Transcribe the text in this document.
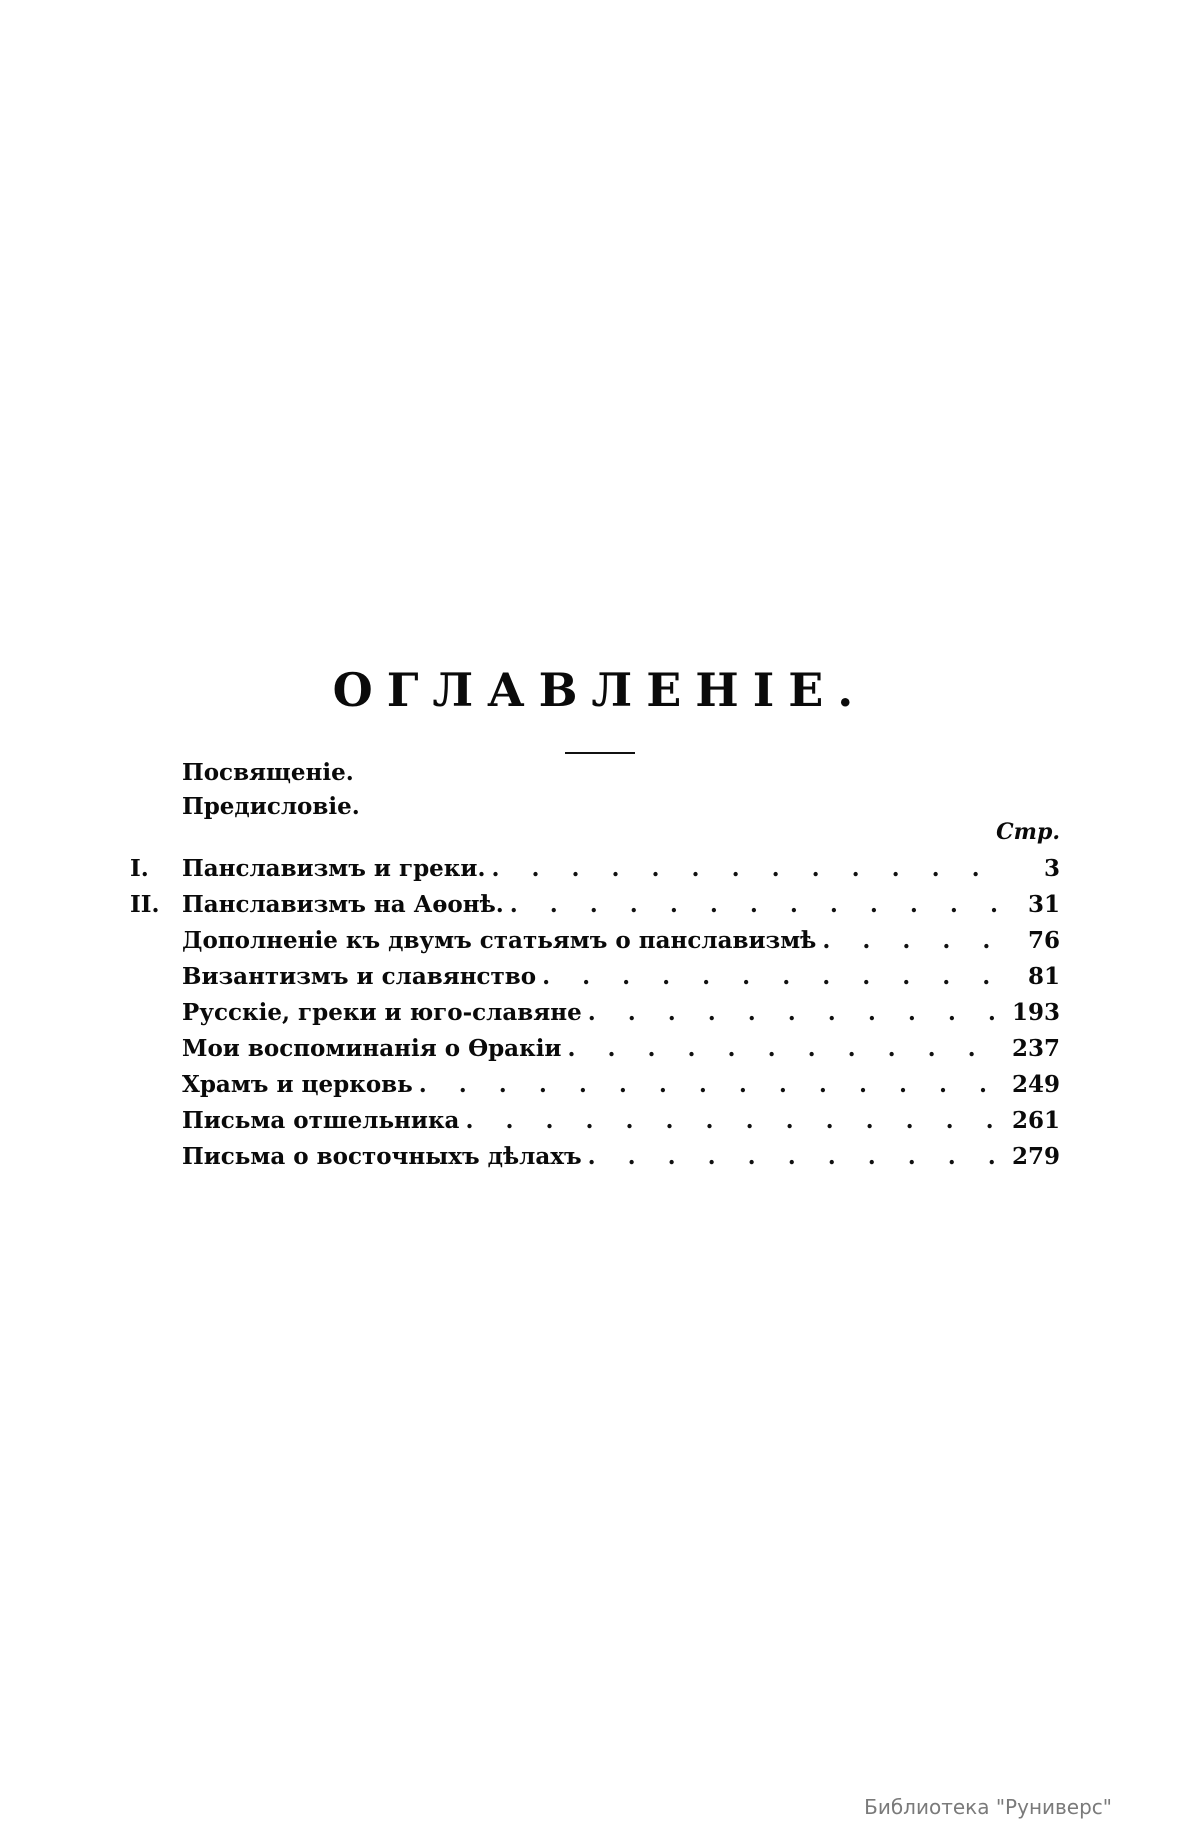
ОГЛАВЛЕНІЕ.
Посвященіе.
Предисловіе.
Стр.
I.	Панславизмъ и греки. . . .	3
II. Панславизмъ на Аѳонѣ. . . .	31
Дополненіе къ двумъ статьямъ о панславизмѣ . . .	76
Византизмъ и славянство . . .	81
Русскіе, греки и юго-славяне . . .	193
Мои воспоминанія о Ѳракіи . . .	237
Храмъ и церковь . . .	249
Письма отшельника . . .	261
Письма о восточныхъ дѣлахъ . . .	279
Библиотека "Руниверс"
